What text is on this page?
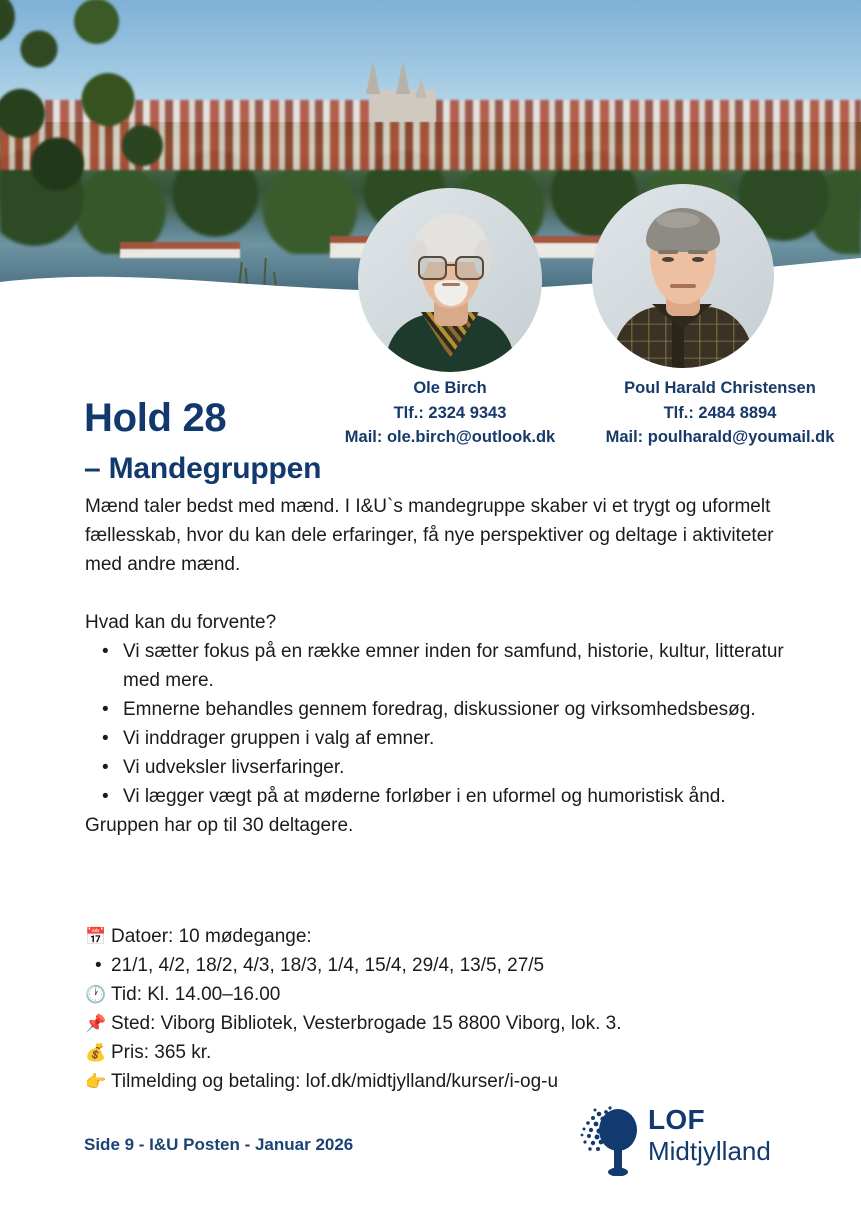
Ole Birch
Tlf.: 2324 9343
Mail: ole.birch@outlook.dk
Poul Harald Christensen
Tlf.: 2484 8894
Mail: poulharald@youmail.dk
Hold 28
– Mandegruppen

Mænd taler bedst med mænd. I I&U`s mandegruppe skaber vi et trygt og uformelt fællesskab, hvor du kan dele erfaringer, få nye perspektiver og deltage i aktiviteter med andre mænd.

Hvad kan du forvente?

• Vi sætter fokus på en række emner inden for samfund, historie, kultur, litteratur med mere.
• Emnerne behandles gennem foredrag, diskussioner og virksomhedsbesøg.
• Vi inddrager gruppen i valg af emner.
• Vi udveksler livserfaringer.
• Vi lægger vægt på at møderne forløber i en uformel og humoristisk ånd.

Gruppen har op til 30 deltagere.

📅 Datoer: 10 mødegange:
• 21/1, 4/2, 18/2, 4/3, 18/3, 1/4, 15/4, 29/4, 13/5, 27/5
🕐 Tid: Kl. 14.00–16.00
📌 Sted: Viborg Bibliotek, Vesterbrogade 15 8800 Viborg, lok. 3.
💰 Pris: 365 kr.
👉 Tilmelding og betaling: lof.dk/midtjylland/kurser/i-og-u
Side 9 - I&U Posten - Januar 2026
LOF
Midtjylland
